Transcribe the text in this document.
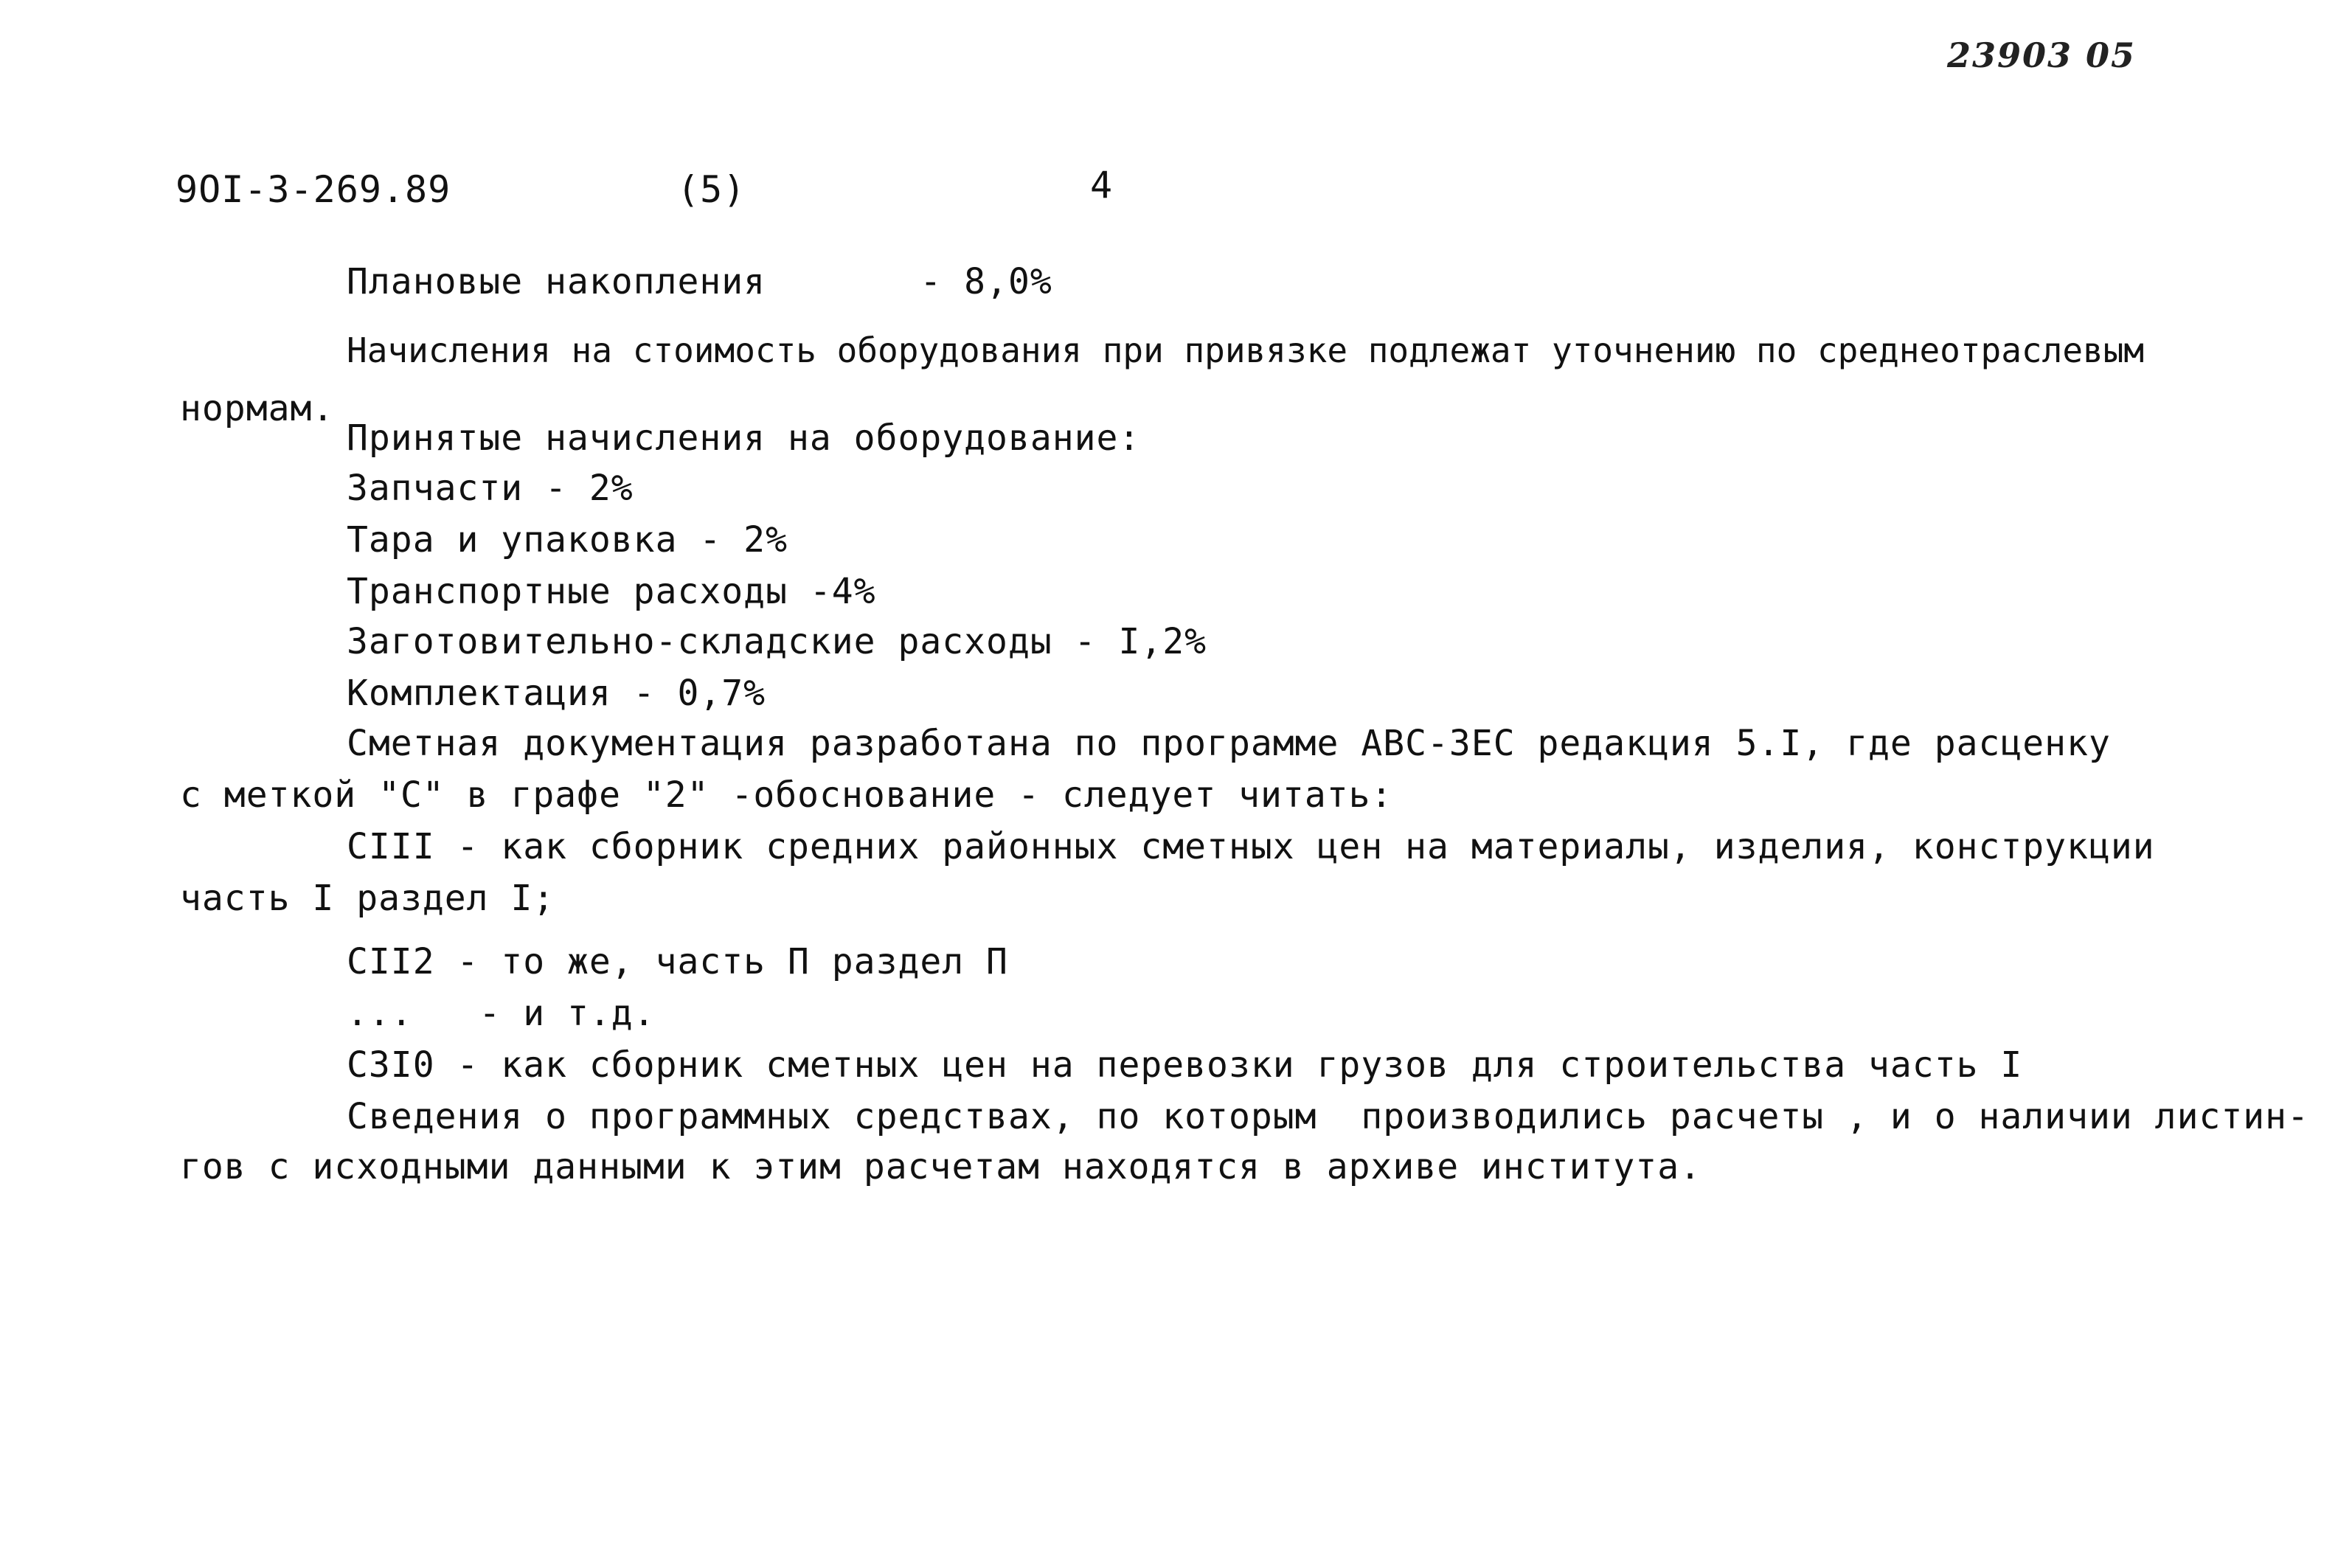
23903 05
9OI-3-269.89	(5)	4
Плановые накопления       - 8,0%
Начисления на стоимость оборудования при привязке подлежат уточнению по среднеотраслевым
нормам.
Принятые начисления на оборудование:
Запчасти - 2%
Тара и упаковка - 2%
Транспортные расходы -4%
Заготовительно-складские расходы - I,2%
Комплектация - 0,7%
Сметная документация разработана по программе АВС-ЗЕС редакция 5.I, где расценку
с меткой "С" в графе "2" -обоснование - следует читать:
СIII - как сборник средних районных сметных цен на материалы, изделия, конструкции
часть I раздел I;
СII2 - то же, часть П раздел П
...   - и т.д.
С3I0 - как сборник сметных цен на перевозки грузов для строительства часть I
Сведения о программных средствах, по которым  производились расчеты , и о наличии листин-
гов с исходными данными к этим расчетам находятся в архиве института.
